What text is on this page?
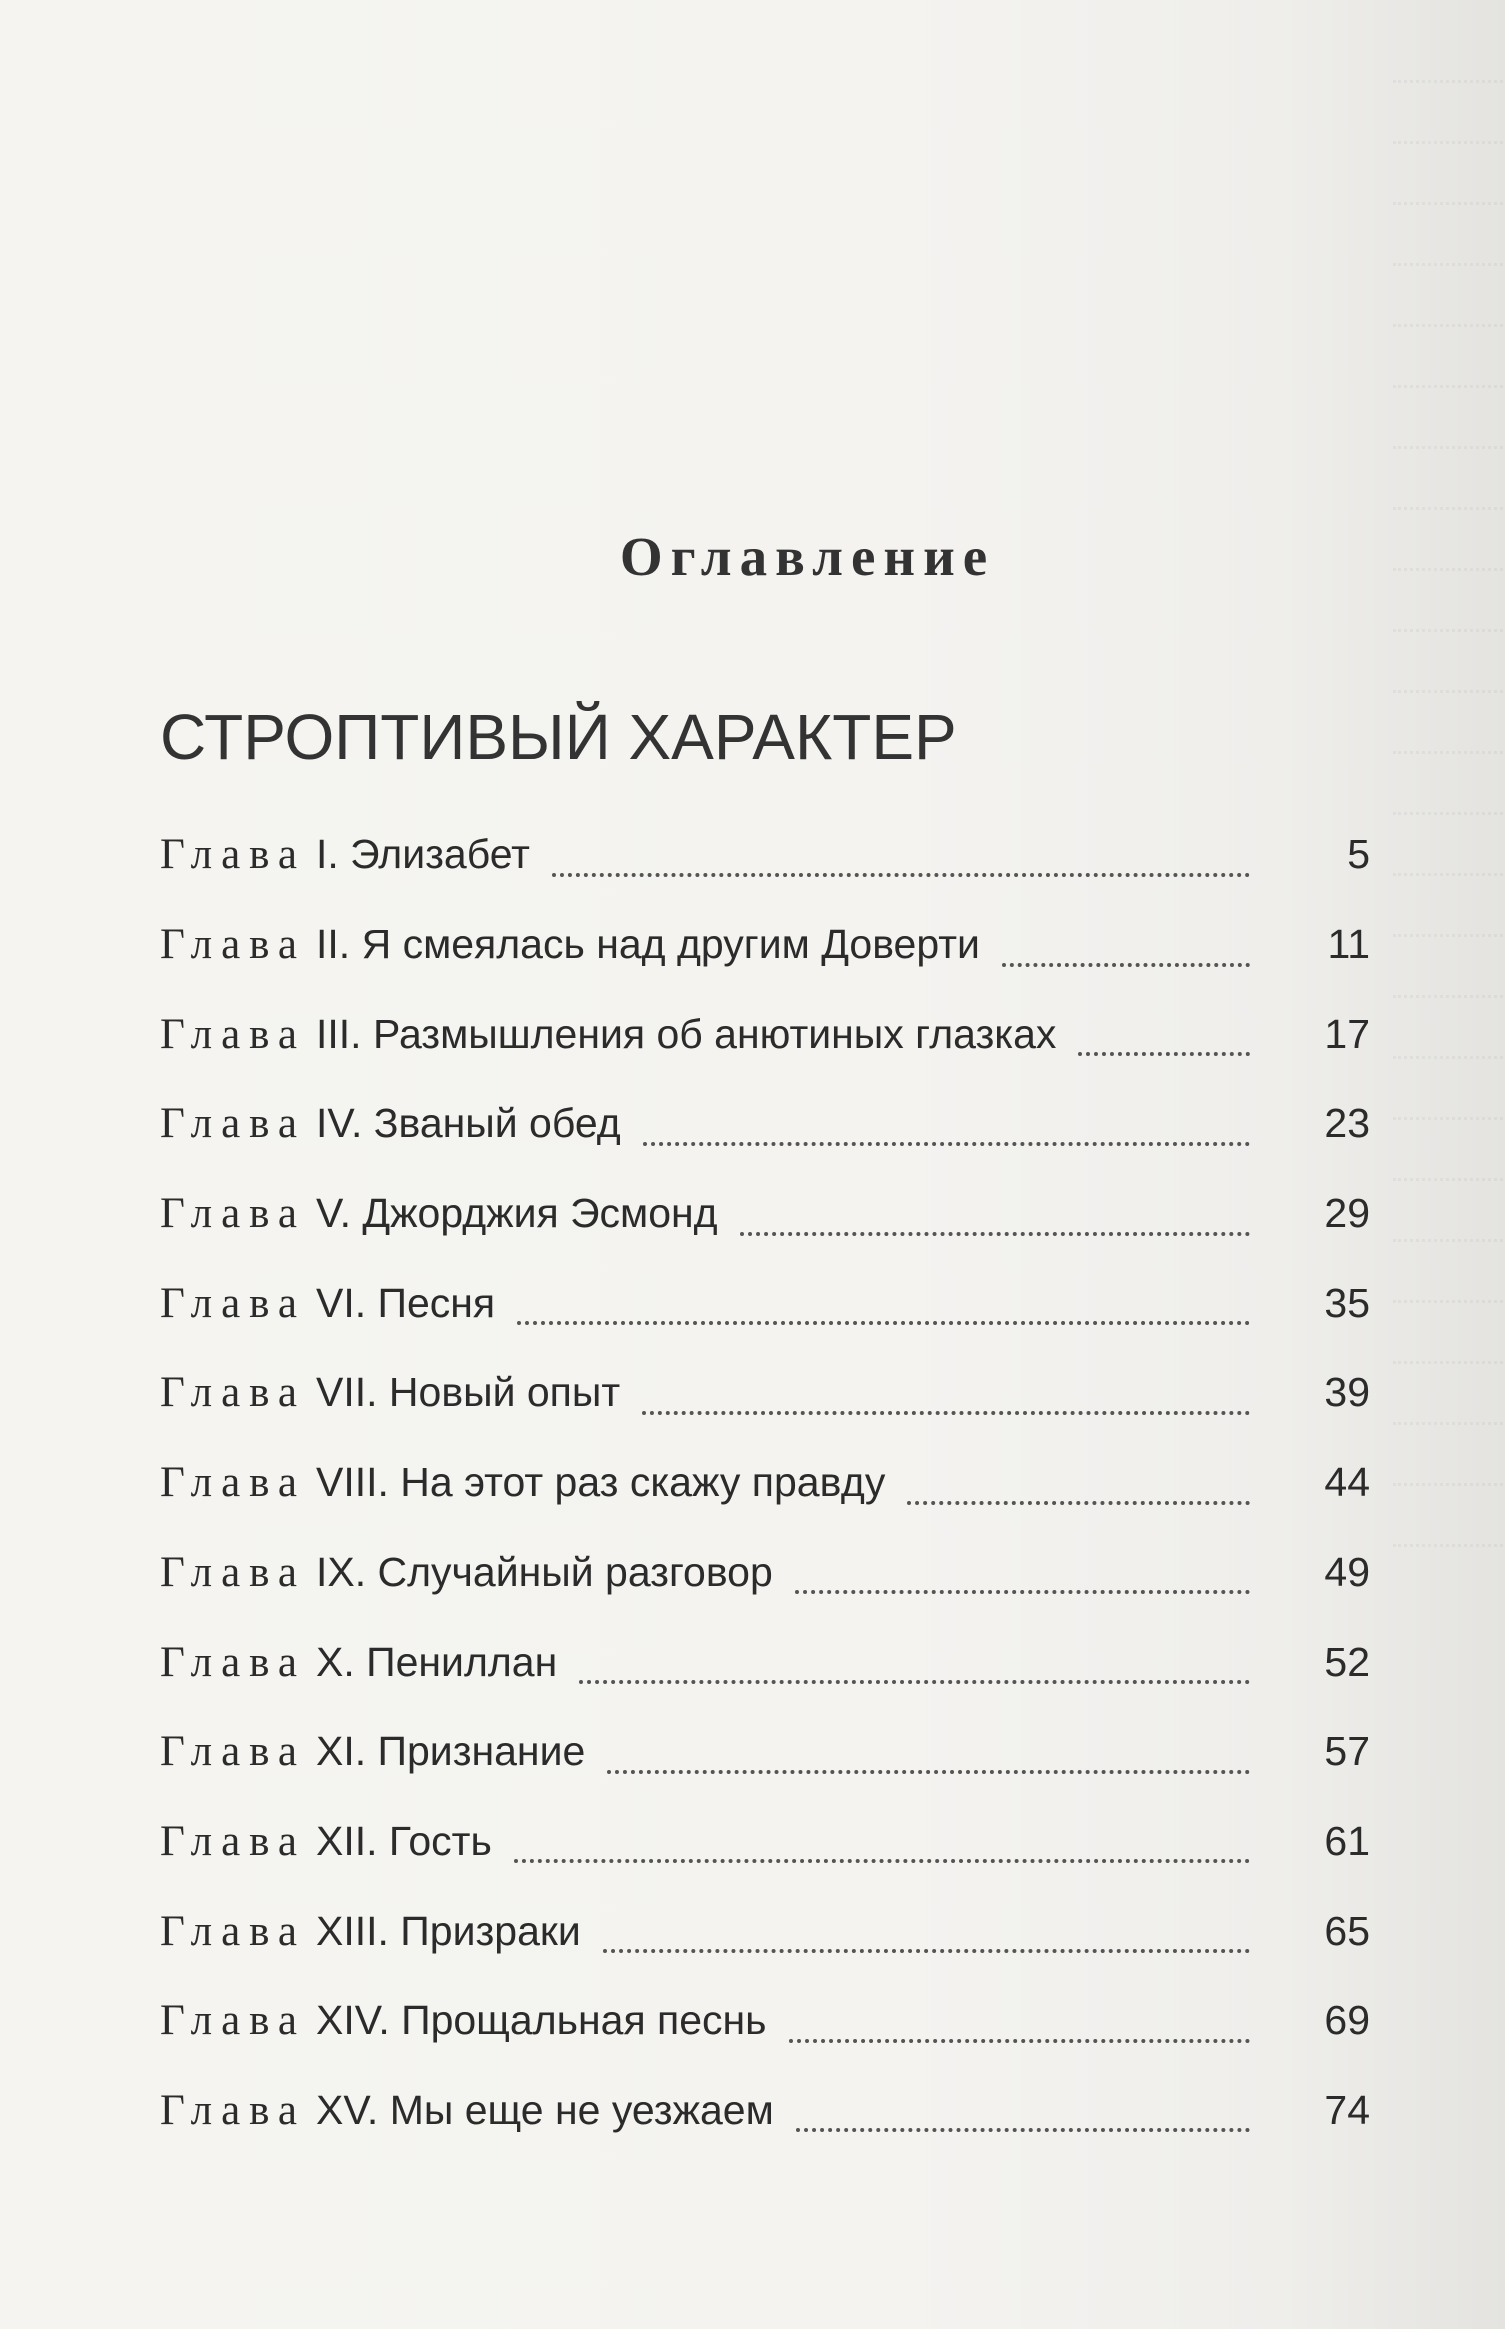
Оглавление
СТРОПТИВЫЙ ХАРАКТЕР
Глава I. Элизабет	5
Глава II. Я смеялась над другим Доверти	11
Глава III. Размышления об анютиных глазках	17
Глава IV. Званый обед	23
Глава V. Джорджия Эсмонд	29
Глава VI. Песня	35
Глава VII. Новый опыт	39
Глава VIII. На этот раз скажу правду	44
Глава IX. Случайный разговор	49
Глава X. Пениллан	52
Глава XI. Признание	57
Глава XII. Гость	61
Глава XIII. Призраки	65
Глава XIV. Прощальная песнь	69
Глава XV. Мы еще не уезжаем	74
